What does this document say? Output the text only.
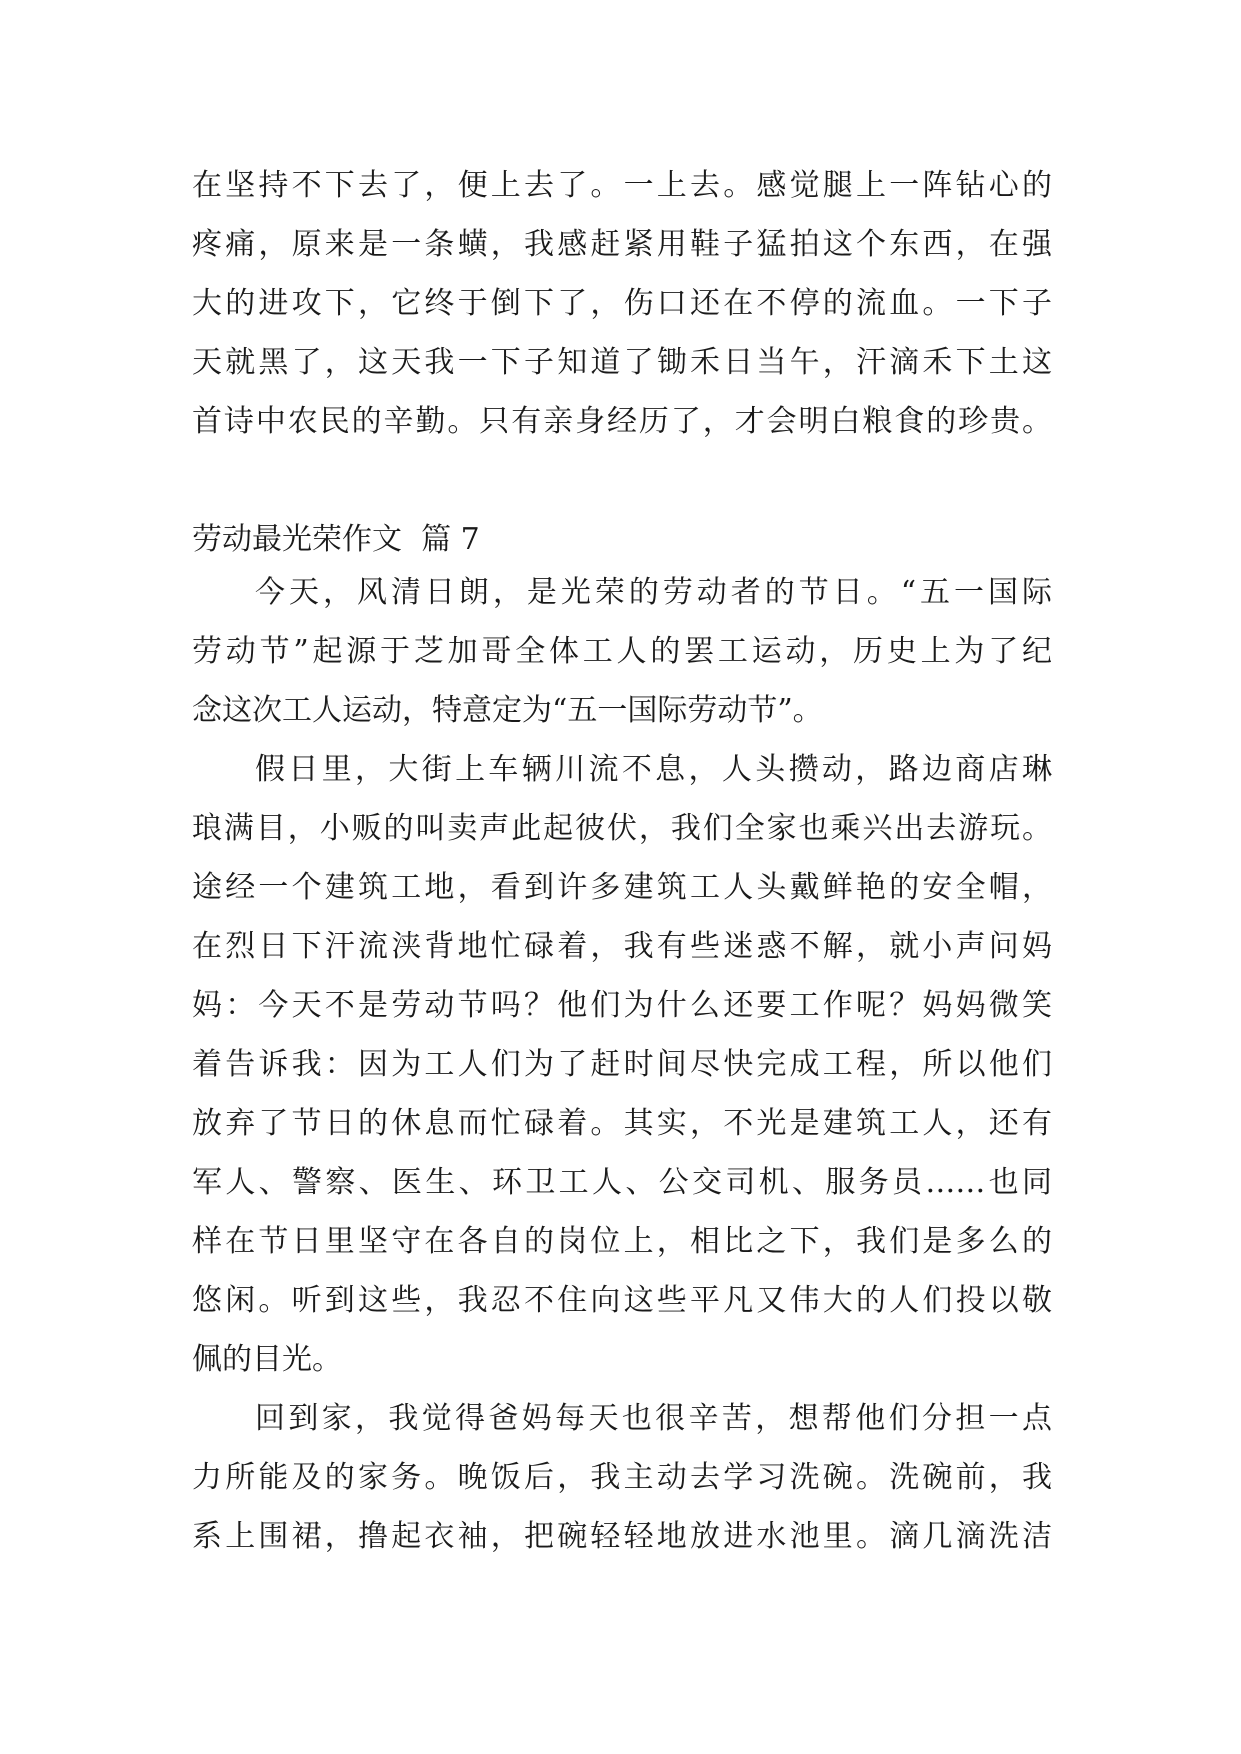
在坚持不下去了，便上去了。一上去。感觉腿上一阵钻心的
疼痛，原来是一条蟥，我感赶紧用鞋子猛拍这个东西，在强
大的进攻下，它终于倒下了，伤口还在不停的流血。一下子
天就黑了，这天我一下子知道了锄禾日当午，汗滴禾下土这
首诗中农民的辛勤。只有亲身经历了，才会明白粮食的珍贵。
劳动最光荣作文  篇 7
今天，风清日朗，是光荣的劳动者的节日。“五一国际
劳动节”起源于芝加哥全体工人的罢工运动，历史上为了纪
念这次工人运动，特意定为“五一国际劳动节”。
假日里，大街上车辆川流不息，人头攒动，路边商店琳
琅满目，小贩的叫卖声此起彼伏，我们全家也乘兴出去游玩。
途经一个建筑工地，看到许多建筑工人头戴鲜艳的安全帽，
在烈日下汗流浃背地忙碌着，我有些迷惑不解，就小声问妈
妈：今天不是劳动节吗？他们为什么还要工作呢？妈妈微笑
着告诉我：因为工人们为了赶时间尽快完成工程，所以他们
放弃了节日的休息而忙碌着。其实，不光是建筑工人，还有
军人、警察、医生、环卫工人、公交司机、服务员……也同
样在节日里坚守在各自的岗位上，相比之下，我们是多么的
悠闲。听到这些，我忍不住向这些平凡又伟大的人们投以敬
佩的目光。
回到家，我觉得爸妈每天也很辛苦，想帮他们分担一点
力所能及的家务。晚饭后，我主动去学习洗碗。洗碗前，我
系上围裙，撸起衣袖，把碗轻轻地放进水池里。滴几滴洗洁
